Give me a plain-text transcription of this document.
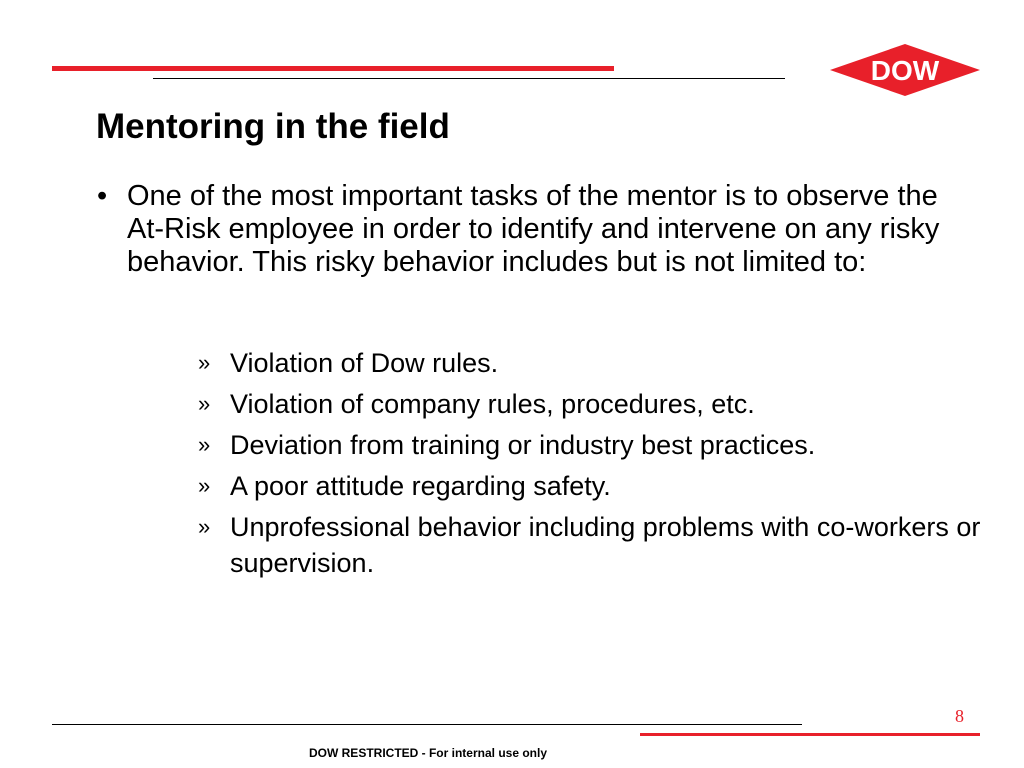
DOW
Mentoring in the field
• One of the most important tasks of the mentor is to observe the At-Risk employee in order to identify and intervene on any risky behavior. This risky behavior includes but is not limited to:
» Violation of Dow rules.
» Violation of company rules, procedures, etc.
» Deviation from training or industry best practices.
» A poor attitude regarding safety.
» Unprofessional behavior including problems with co-workers or supervision.
8
DOW RESTRICTED - For internal use only
